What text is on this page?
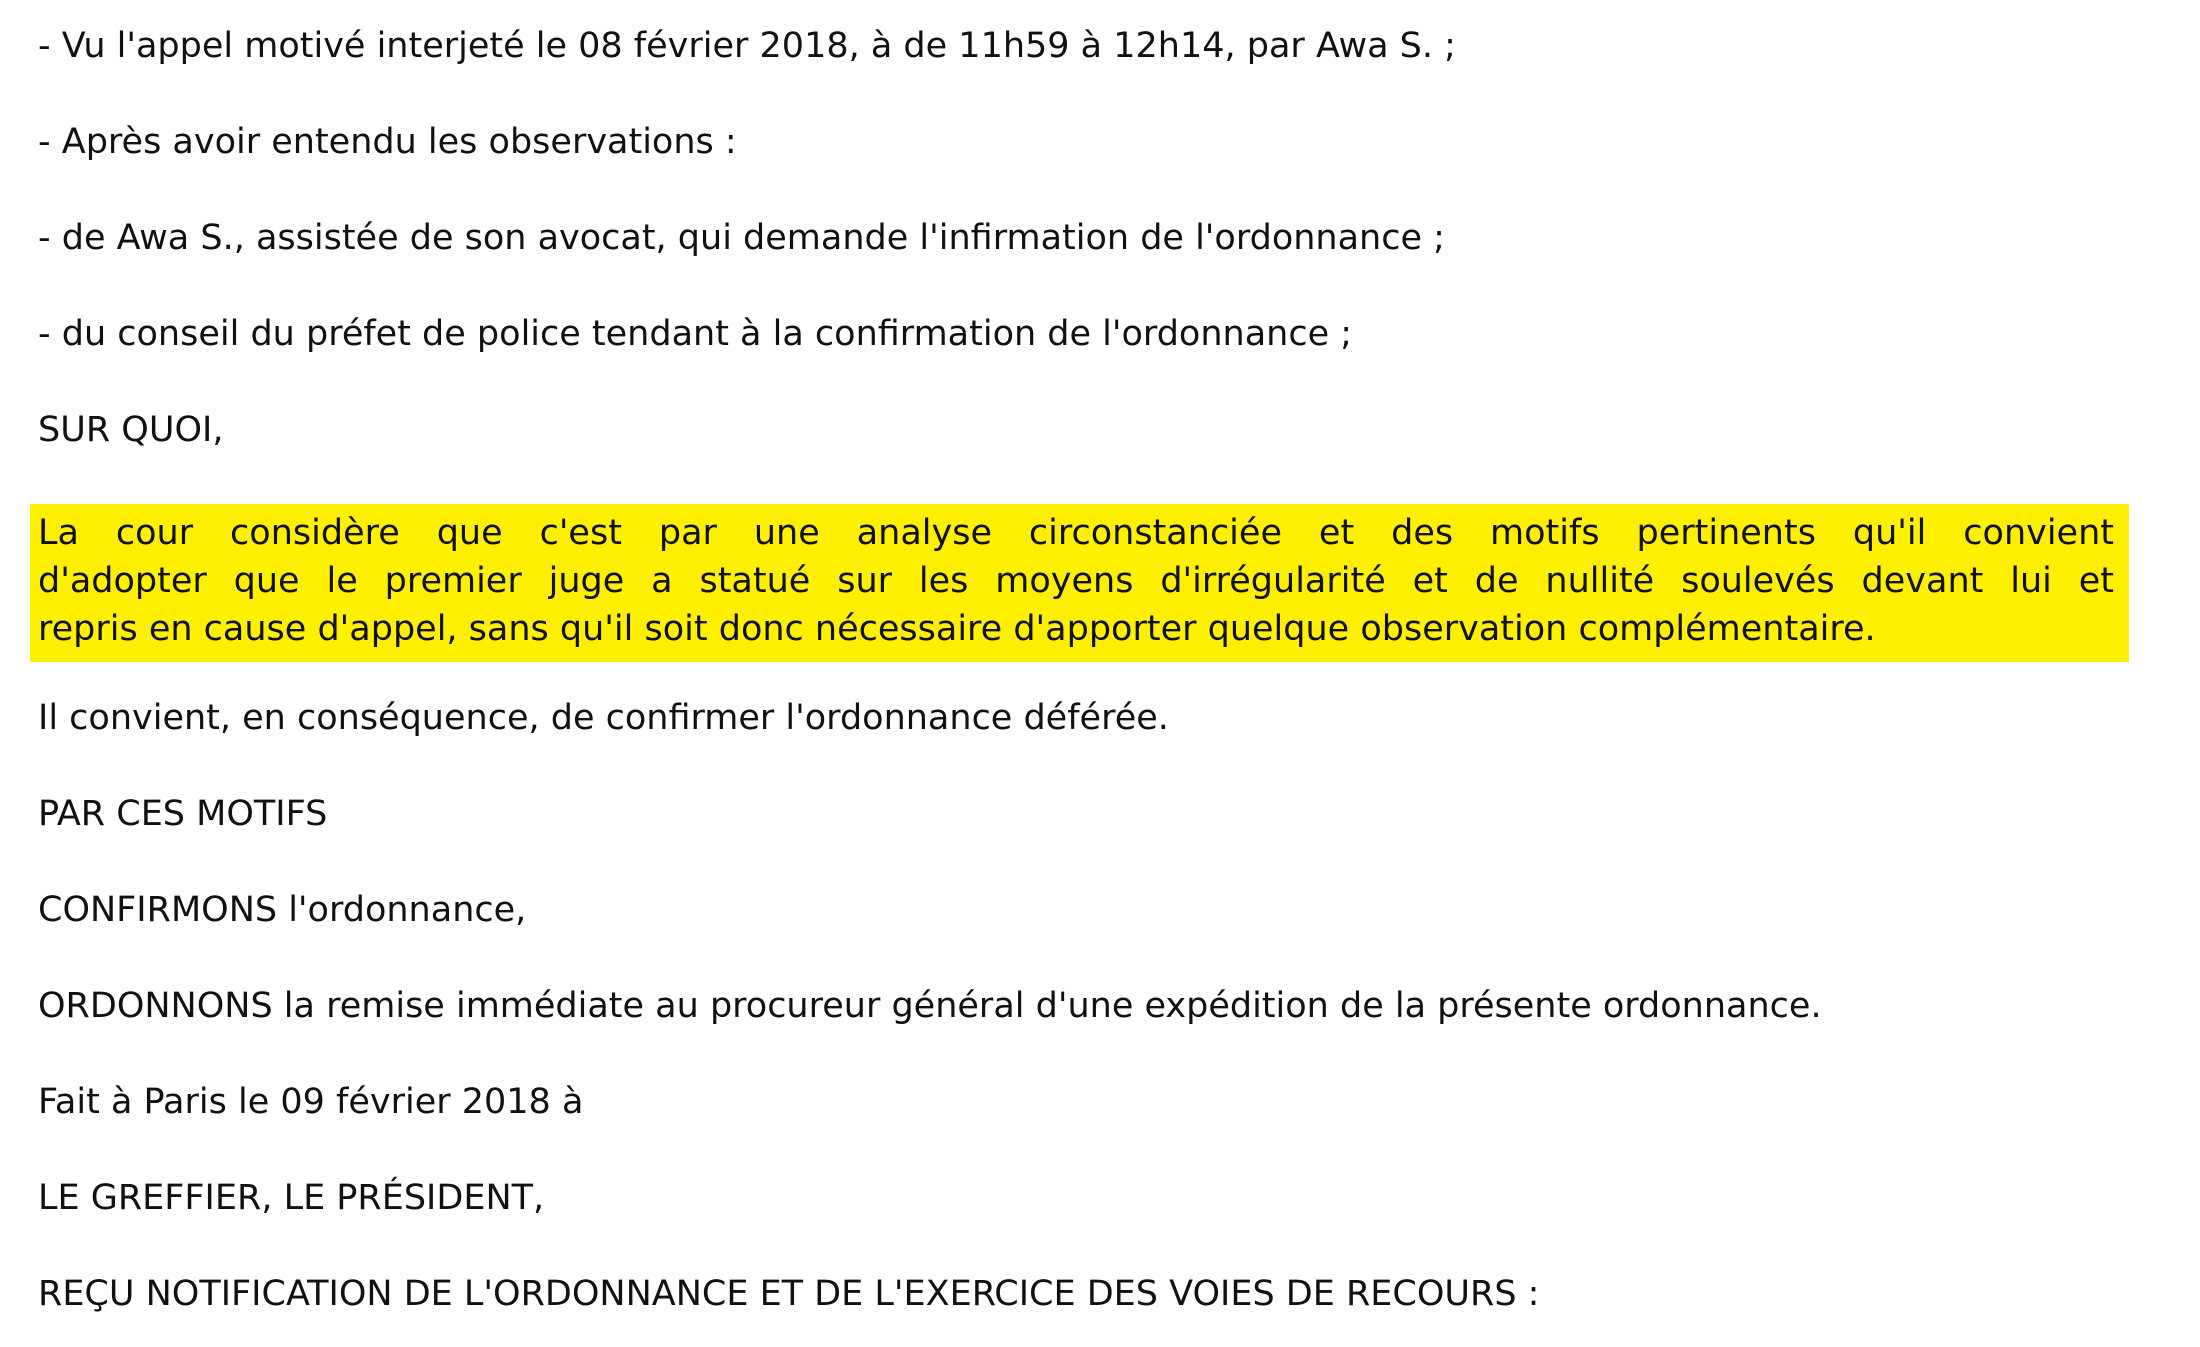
- Vu l'appel motivé interjeté le 08 février 2018, à de 11h59 à 12h14, par Awa S. ;

- Après avoir entendu les observations :

- de Awa S., assistée de son avocat, qui demande l'infirmation de l'ordonnance ;

- du conseil du préfet de police tendant à la confirmation de l'ordonnance ;

SUR QUOI,

La cour considère que c'est par une analyse circonstanciée et des motifs pertinents qu'il convient

d'adopter que le premier juge a statué sur les moyens d'irrégularité et de nullité soulevés devant lui et

repris en cause d'appel, sans qu'il soit donc nécessaire d'apporter quelque observation complémentaire.

Il convient, en conséquence, de confirmer l'ordonnance déférée.

PAR CES MOTIFS

CONFIRMONS l'ordonnance,

ORDONNONS la remise immédiate au procureur général d'une expédition de la présente ordonnance.

Fait à Paris le 09 février 2018 à

LE GREFFIER, LE PRÉSIDENT,

REÇU NOTIFICATION DE L'ORDONNANCE ET DE L'EXERCICE DES VOIES DE RECOURS :
